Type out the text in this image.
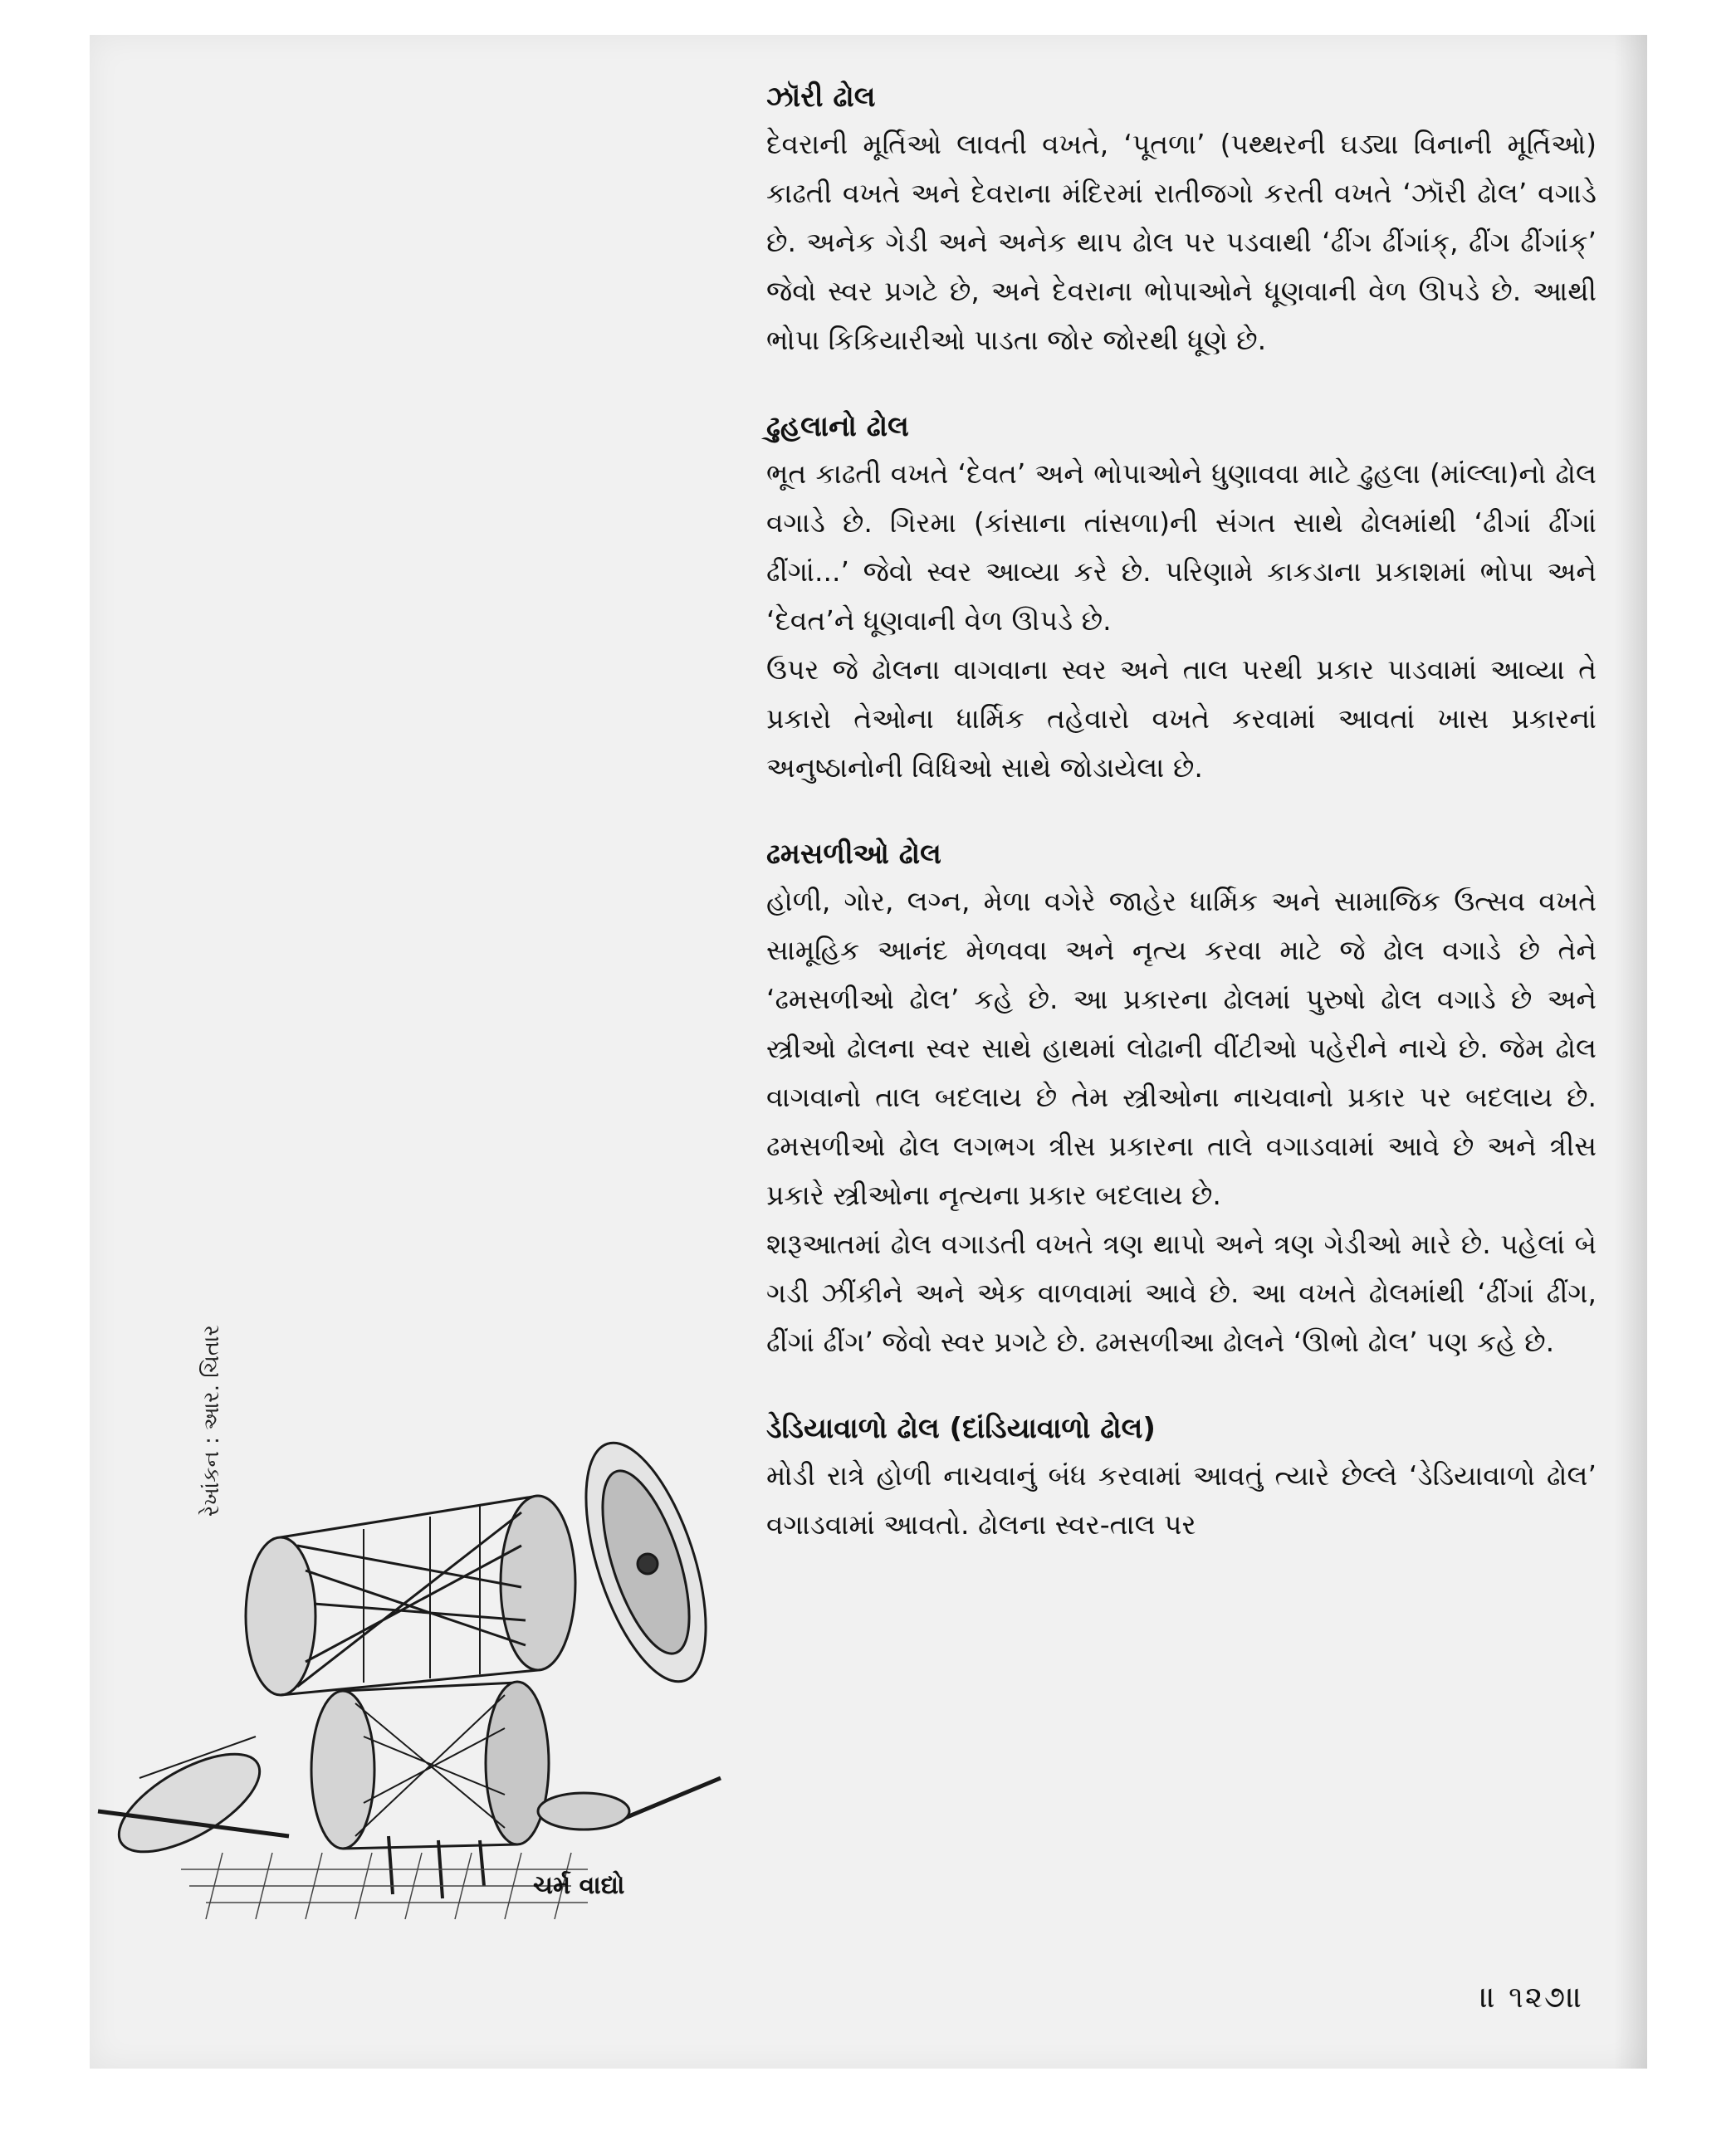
ઝૉરી ઢોલ

દેવરાની મૂર્તિઓ લાવતી વખતે, ‘પૂતળા’ (પથ્થરની ઘડ્યા વિનાની મૂર્તિઓ) કાઢતી વખતે અને દેવરાના મંદિરમાં રાતીજગો કરતી વખતે ‘ઝૉરી ઢોલ’ વગાડે છે. અનેક ગેડી અને અનેક થાપ ઢોલ પર પડવાથી ‘ઢીંગ ઢીંગાંક્, ઢીંગ ઢીંગાંક્’ જેવો સ્વર પ્રગટે છે, અને દેવરાના ભોપાઓને ધૂણવાની વેળ ઊપડે છે. આથી ભોપા કિકિયારીઓ પાડતા જોર જોરથી ધૂણે છે.

ઢુહલાનો ઢોલ

ભૂત કાઢતી વખતે ‘દેવત’ અને ભોપાઓને ધુણાવવા માટે ઢુહલા (માંલ્લા)નો ઢોલ વગાડે છે. ગિરમા (કાંસાના તાંસળા)ની સંગત સાથે ઢોલમાંથી ‘ઢીગાં ઢીંગાં ઢીંગાં...’ જેવો સ્વર આવ્યા કરે છે. પરિણામે કાકડાના પ્રકાશમાં ભોપા અને ‘દેવત’ને ધૂણવાની વેળ ઊપડે છે.

ઉપર જે ઢોલના વાગવાના સ્વર અને તાલ પરથી પ્રકાર પાડવામાં આવ્યા તે પ્રકારો તેઓના ધાર્મિક તહેવારો વખતે કરવામાં આવતાં ખાસ પ્રકારનાં અનુષ્ઠાનોની વિધિઓ સાથે જોડાયેલા છે.

ઢમસળીઓ ઢોલ

હોળી, ગોર, લગ્ન, મેળા વગેરે જાહેર ધાર્મિક અને સામાજિક ઉત્સવ વખતે સામૂહિક આનંદ મેળવવા અને નૃત્ય કરવા માટે જે ઢોલ વગાડે છે તેને ‘ઢમસળીઓ ઢોલ’ કહે છે. આ પ્રકારના ઢોલમાં પુરુષો ઢોલ વગાડે છે અને સ્ત્રીઓ ઢોલના સ્વર સાથે હાથમાં લોઢાની વીંટીઓ પહેરીને નાચે છે. જેમ ઢોલ વાગવાનો તાલ બદલાય છે તેમ સ્ત્રીઓના નાચવાનો પ્રકાર પર બદલાય છે. ઢમસળીઓ ઢોલ લગભગ ત્રીસ પ્રકારના તાલે વગાડવામાં આવે છે અને ત્રીસ પ્રકારે સ્ત્રીઓના નૃત્યના પ્રકાર બદલાય છે.

શરૂઆતમાં ઢોલ વગાડતી વખતે ત્રણ થાપો અને ત્રણ ગેડીઓ મારે છે. પહેલાં બે ગડી ઝીંકીને અને એક વાળવામાં આવે છે. આ વખતે ઢોલમાંથી ‘ઢીંગાં ઢીંગ, ઢીંગાં ઢીંગ’ જેવો સ્વર પ્રગટે છે. ઢમસળીઆ ઢોલને ‘ઊભો ઢોલ’ પણ કહે છે.

ડેડિયાવાળો ઢોલ (દાંડિયાવાળો ઢોલ)

મોડી રાત્રે હોળી નાચવાનું બંધ કરવામાં આવતું ત્યારે છેલ્લે ‘ડેડિયાવાળો ઢોલ’ વગાડવામાં આવતો. ઢોલના સ્વર-તાલ પર

રેખાંકન : આર. ચિતાર
ચર્મ વાદ્યો
॥ ૧૨૭॥
